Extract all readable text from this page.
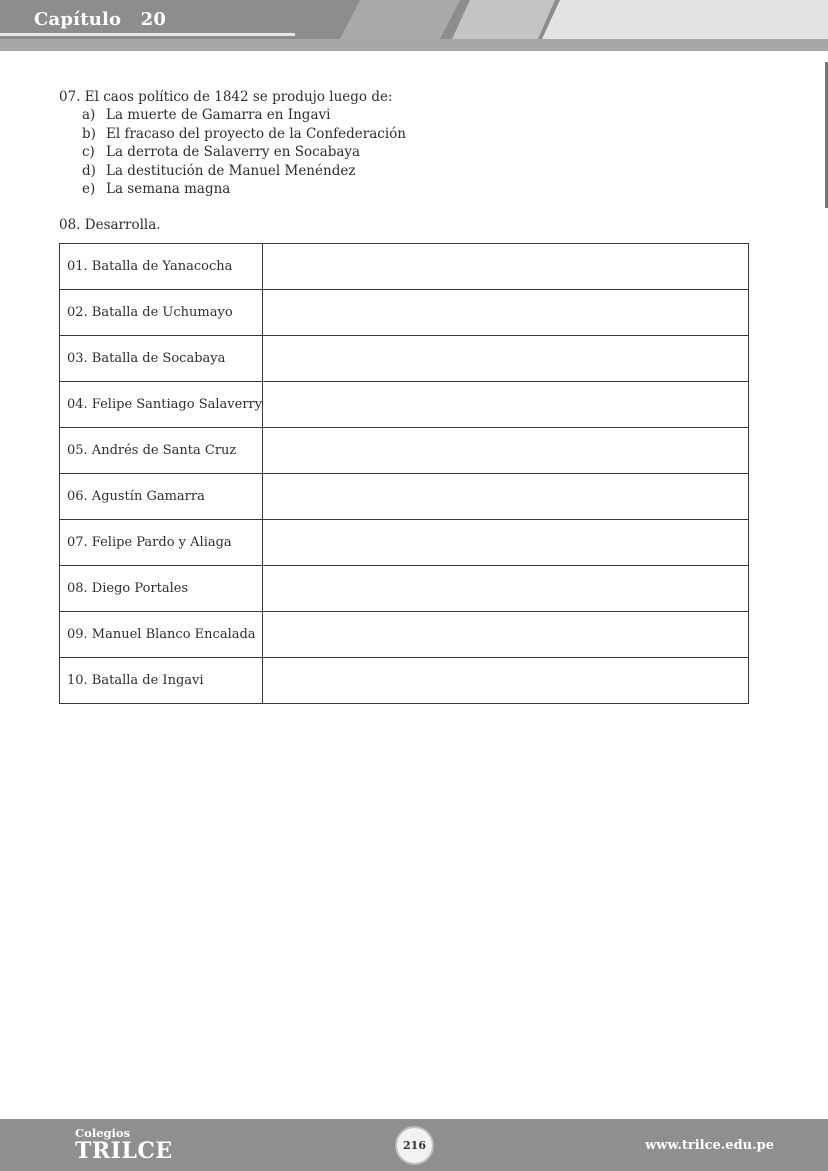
Capítulo   20
07. El caos político de 1842 se produjo luego de:
a) La muerte de Gamarra en Ingavi
b) El fracaso del proyecto de la Confederación
c) La derrota de Salaverry en Socabaya
d) La destitución de Manuel Menéndez
e) La semana magna
08. Desarrolla.
01. Batalla de Yanacocha	
02. Batalla de Uchumayo	
03. Batalla de Socabaya	
04. Felipe Santiago Salaverry	
05. Andrés de Santa Cruz	
06. Agustín Gamarra	
07. Felipe Pardo y Aliaga	
08. Diego Portales	
09. Manuel Blanco Encalada	
10. Batalla de Ingavi	
Colegios
TRILCE	216	www.trilce.edu.pe
